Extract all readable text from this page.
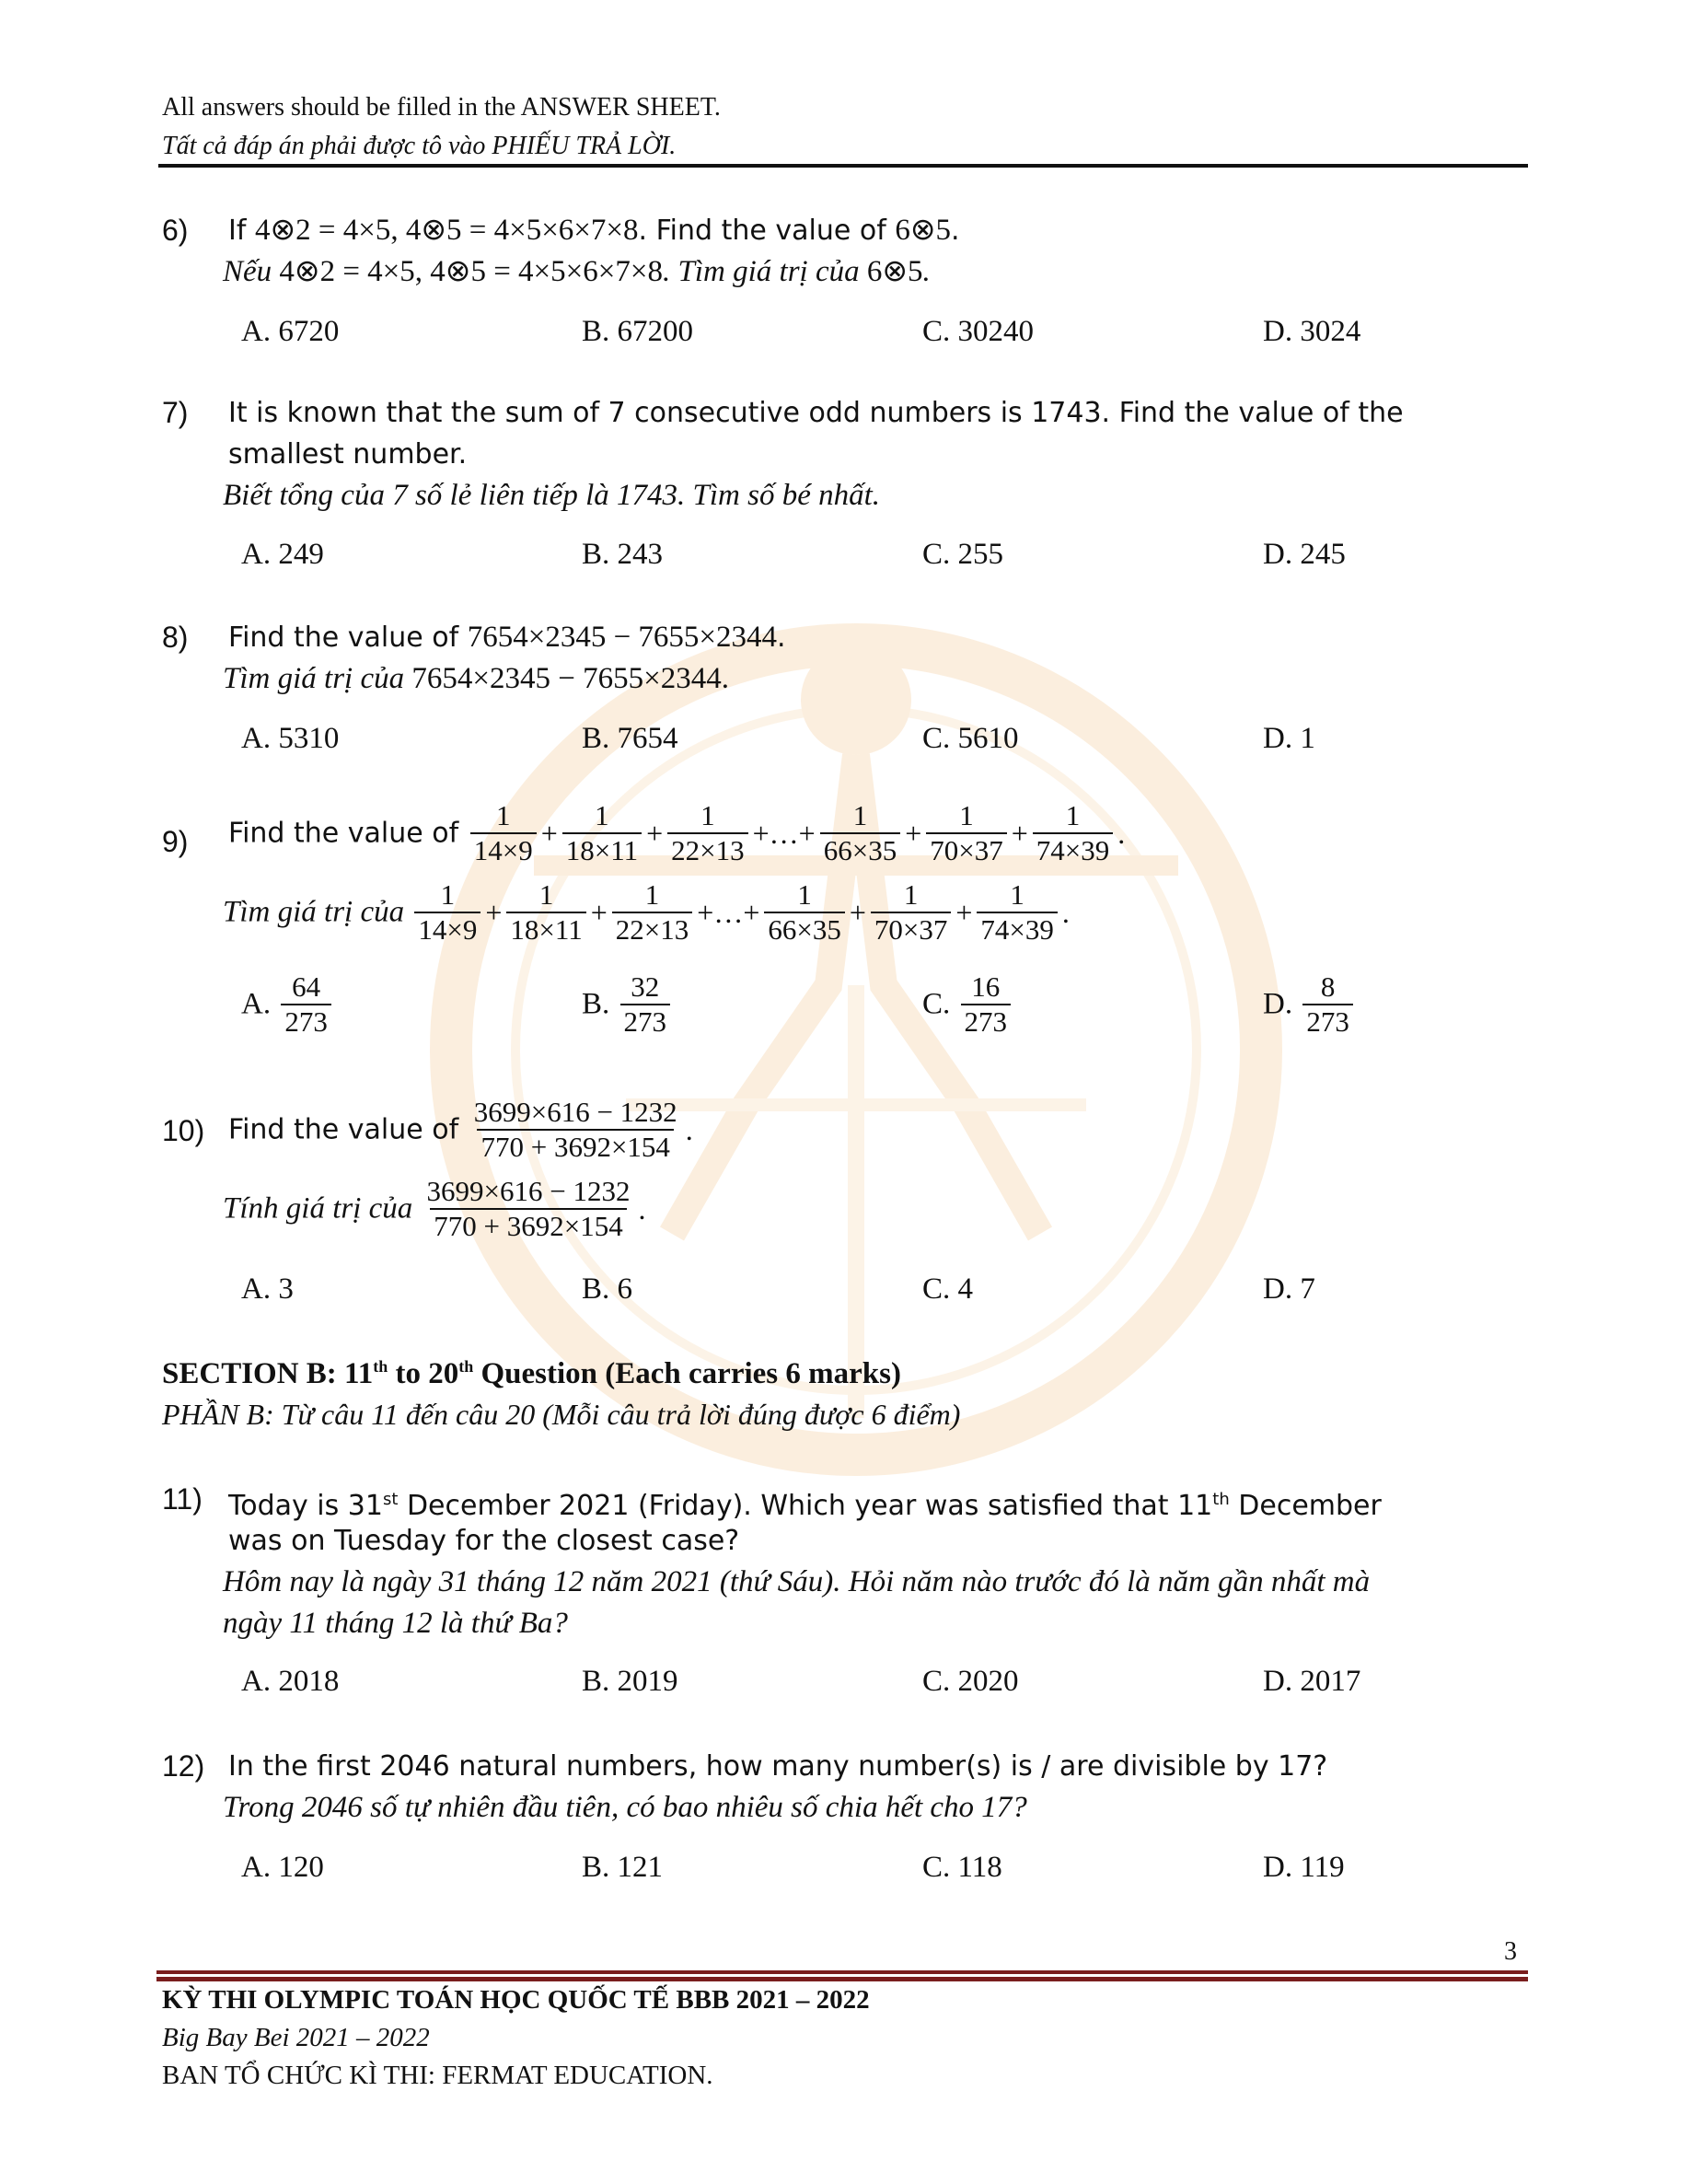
All answers should be filled in the ANSWER SHEET.
Tất cả đáp án phải được tô vào PHIẾU TRẢ LỜI.
6) If 4⊗2 = 4×5, 4⊗5 = 4×5×6×7×8. Find the value of 6⊗5.
Nếu 4⊗2 = 4×5, 4⊗5 = 4×5×6×7×8. Tìm giá trị của 6⊗5.
A. 6720	B. 67200	C. 30240	D. 3024
7) It is known that the sum of 7 consecutive odd numbers is 1743. Find the value of the
smallest number.
Biết tổng của 7 số lẻ liên tiếp là 1743. Tìm số bé nhất.
A. 249	B. 243	C. 255	D. 245
8) Find the value of 7654×2345 − 7655×2344.
Tìm giá trị của 7654×2345 − 7655×2344.
A. 5310	B. 7654	C. 5610	D. 1
9) Find the value of $\frac{1}{14\times 9} + \frac{1}{18\times 11} + \frac{1}{22\times 13}$ +…+ $\frac{1}{66\times 35} + \frac{1}{70\times 37} + \frac{1}{74\times 39}$ .
Tìm giá trị của $\frac{1}{14\times 9} + \frac{1}{18\times 11} + \frac{1}{22\times 13}$ +…+ $\frac{1}{66\times 35} + \frac{1}{70\times 37} + \frac{1}{74\times 39}$ .
A. $\frac{64}{273}$	B. $\frac{32}{273}$	C. $\frac{16}{273}$	D. $\frac{8}{273}$
10) Find the value of $\frac{3699\times 616 - 1232}{770 + 3692\times 154}$ .
Tính giá trị của $\frac{3699\times 616 - 1232}{770 + 3692\times 154}$ .
A. 3	B. 6	C. 4	D. 7
SECTION B: 11th to 20th Question (Each carries 6 marks)
PHẦN B: Từ câu 11 đến câu 20 (Mỗi câu trả lời đúng được 6 điểm)
11) Today is 31st December 2021 (Friday). Which year was satisfied that 11th December
was on Tuesday for the closest case?
Hôm nay là ngày 31 tháng 12 năm 2021 (thứ Sáu). Hỏi năm nào trước đó là năm gần nhất mà
ngày 11 tháng 12 là thứ Ba?
A. 2018	B. 2019	C. 2020	D. 2017
12) In the first 2046 natural numbers, how many number(s) is / are divisible by 17?
Trong 2046 số tự nhiên đầu tiên, có bao nhiêu số chia hết cho 17?
A. 120	B. 121	C. 118	D. 119
3
KỲ THI OLYMPIC TOÁN HỌC QUỐC TẾ BBB 2021 – 2022
Big Bay Bei 2021 – 2022
BAN TỔ CHỨC KÌ THI: FERMAT EDUCATION.
